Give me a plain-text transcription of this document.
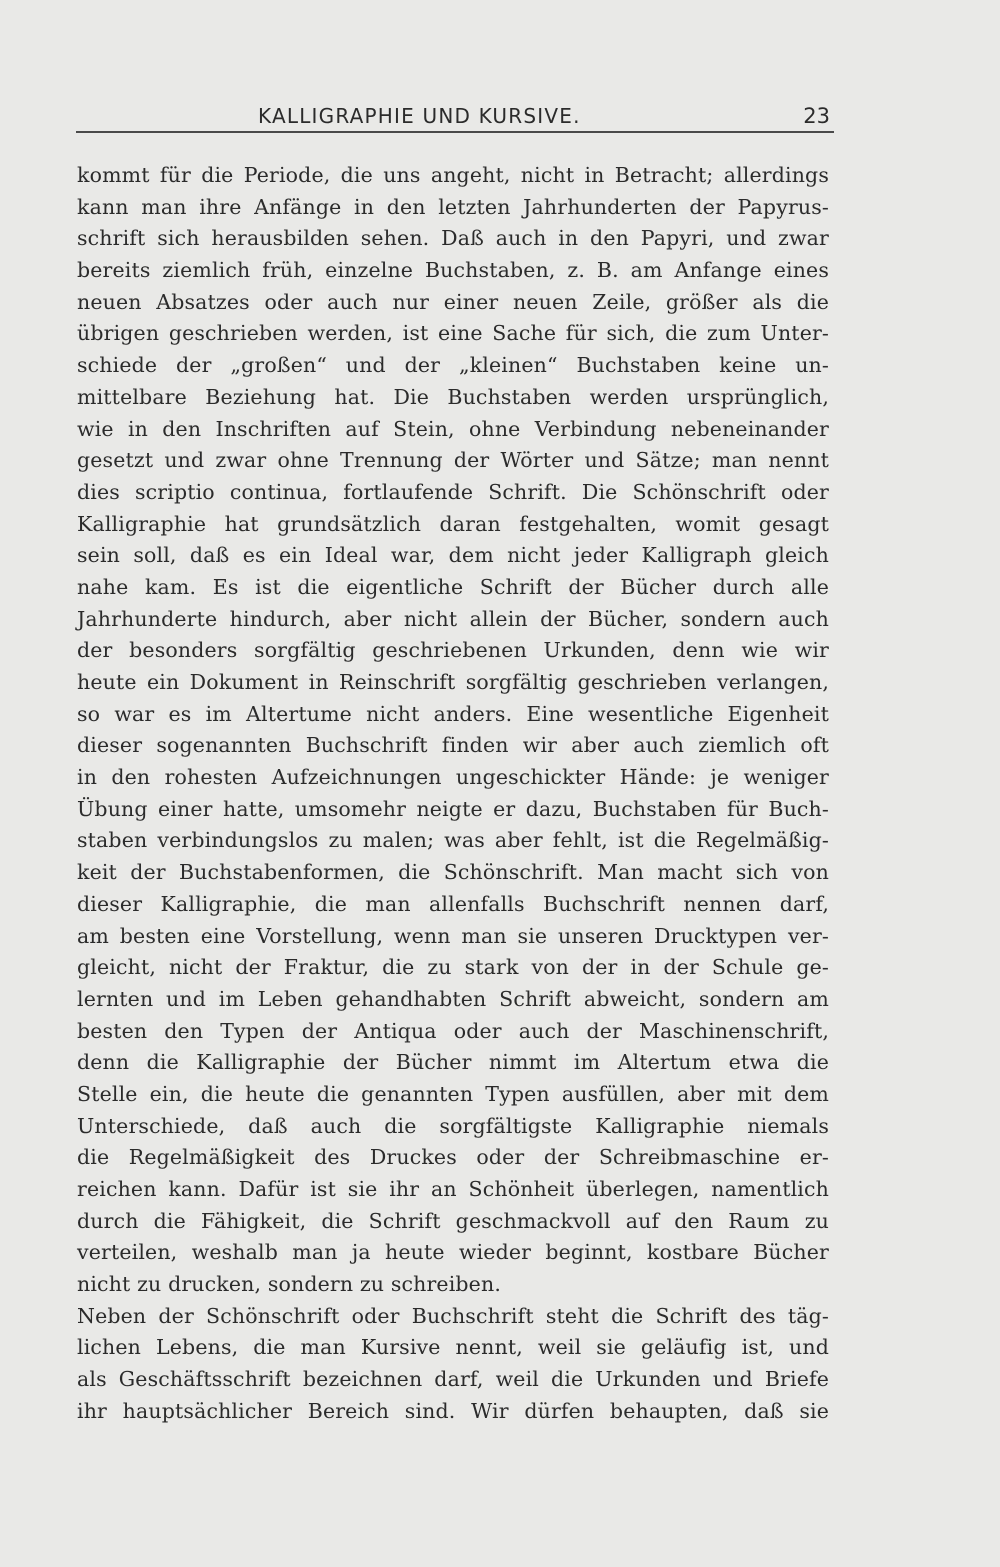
KALLIGRAPHIE UND KURSIVE.	23
kommt für die Periode, die uns angeht, nicht in Betracht; allerdings
kann man ihre Anfänge in den letzten Jahrhunderten der Papyrus-
schrift sich herausbilden sehen. Daß auch in den Papyri, und zwar
bereits ziemlich früh, einzelne Buchstaben, z. B. am Anfange eines
neuen Absatzes oder auch nur einer neuen Zeile, größer als die
übrigen geschrieben werden, ist eine Sache für sich, die zum Unter-
schiede der „großen“ und der „kleinen“ Buchstaben keine un-
mittelbare Beziehung hat. Die Buchstaben werden ursprünglich,
wie in den Inschriften auf Stein, ohne Verbindung nebeneinander
gesetzt und zwar ohne Trennung der Wörter und Sätze; man nennt
dies scriptio continua, fortlaufende Schrift. Die Schönschrift oder
Kalligraphie hat grundsätzlich daran festgehalten, womit gesagt
sein soll, daß es ein Ideal war, dem nicht jeder Kalligraph gleich
nahe kam. Es ist die eigentliche Schrift der Bücher durch alle
Jahrhunderte hindurch, aber nicht allein der Bücher, sondern auch
der besonders sorgfältig geschriebenen Urkunden, denn wie wir
heute ein Dokument in Reinschrift sorgfältig geschrieben verlangen,
so war es im Altertume nicht anders. Eine wesentliche Eigenheit
dieser sogenannten Buchschrift finden wir aber auch ziemlich oft
in den rohesten Aufzeichnungen ungeschickter Hände: je weniger
Übung einer hatte, umsomehr neigte er dazu, Buchstaben für Buch-
staben verbindungslos zu malen; was aber fehlt, ist die Regelmäßig-
keit der Buchstabenformen, die Schönschrift. Man macht sich von
dieser Kalligraphie, die man allenfalls Buchschrift nennen darf,
am besten eine Vorstellung, wenn man sie unseren Drucktypen ver-
gleicht, nicht der Fraktur, die zu stark von der in der Schule ge-
lernten und im Leben gehandhabten Schrift abweicht, sondern am
besten den Typen der Antiqua oder auch der Maschinenschrift,
denn die Kalligraphie der Bücher nimmt im Altertum etwa die
Stelle ein, die heute die genannten Typen ausfüllen, aber mit dem
Unterschiede, daß auch die sorgfältigste Kalligraphie niemals
die Regelmäßigkeit des Druckes oder der Schreibmaschine er-
reichen kann. Dafür ist sie ihr an Schönheit überlegen, namentlich
durch die Fähigkeit, die Schrift geschmackvoll auf den Raum zu
verteilen, weshalb man ja heute wieder beginnt, kostbare Bücher
nicht zu drucken, sondern zu schreiben.
Neben der Schönschrift oder Buchschrift steht die Schrift des täg-
lichen Lebens, die man Kursive nennt, weil sie geläufig ist, und
als Geschäftsschrift bezeichnen darf, weil die Urkunden und Briefe
ihr hauptsächlicher Bereich sind. Wir dürfen behaupten, daß sie
